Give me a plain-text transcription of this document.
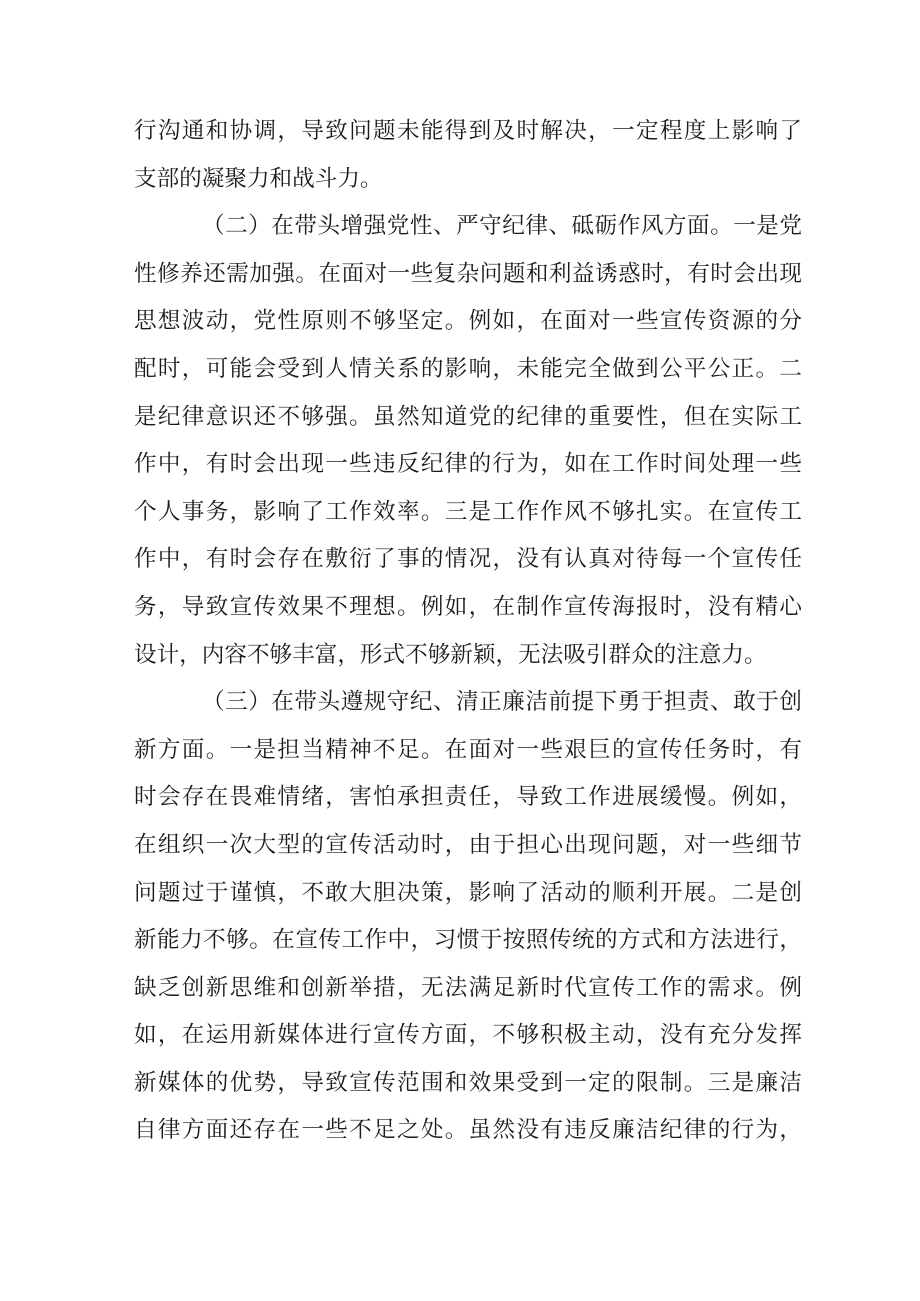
行沟通和协调，导致问题未能得到及时解决，一定程度上影响了
支部的凝聚力和战斗力。
（二）在带头增强党性、严守纪律、砥砺作风方面。一是党
性修养还需加强。在面对一些复杂问题和利益诱惑时，有时会出现
思想波动，党性原则不够坚定。例如，在面对一些宣传资源的分
配时，可能会受到人情关系的影响，未能完全做到公平公正。二
是纪律意识还不够强。虽然知道党的纪律的重要性，但在实际工
作中，有时会出现一些违反纪律的行为，如在工作时间处理一些
个人事务，影响了工作效率。三是工作作风不够扎实。在宣传工
作中，有时会存在敷衍了事的情况，没有认真对待每一个宣传任
务，导致宣传效果不理想。例如，在制作宣传海报时，没有精心
设计，内容不够丰富，形式不够新颖，无法吸引群众的注意力。
（三）在带头遵规守纪、清正廉洁前提下勇于担责、敢于创
新方面。一是担当精神不足。在面对一些艰巨的宣传任务时，有
时会存在畏难情绪，害怕承担责任，导致工作进展缓慢。例如，
在组织一次大型的宣传活动时，由于担心出现问题，对一些细节
问题过于谨慎，不敢大胆决策，影响了活动的顺利开展。二是创
新能力不够。在宣传工作中，习惯于按照传统的方式和方法进行，
缺乏创新思维和创新举措，无法满足新时代宣传工作的需求。例
如，在运用新媒体进行宣传方面，不够积极主动，没有充分发挥
新媒体的优势，导致宣传范围和效果受到一定的限制。三是廉洁
自律方面还存在一些不足之处。虽然没有违反廉洁纪律的行为，
